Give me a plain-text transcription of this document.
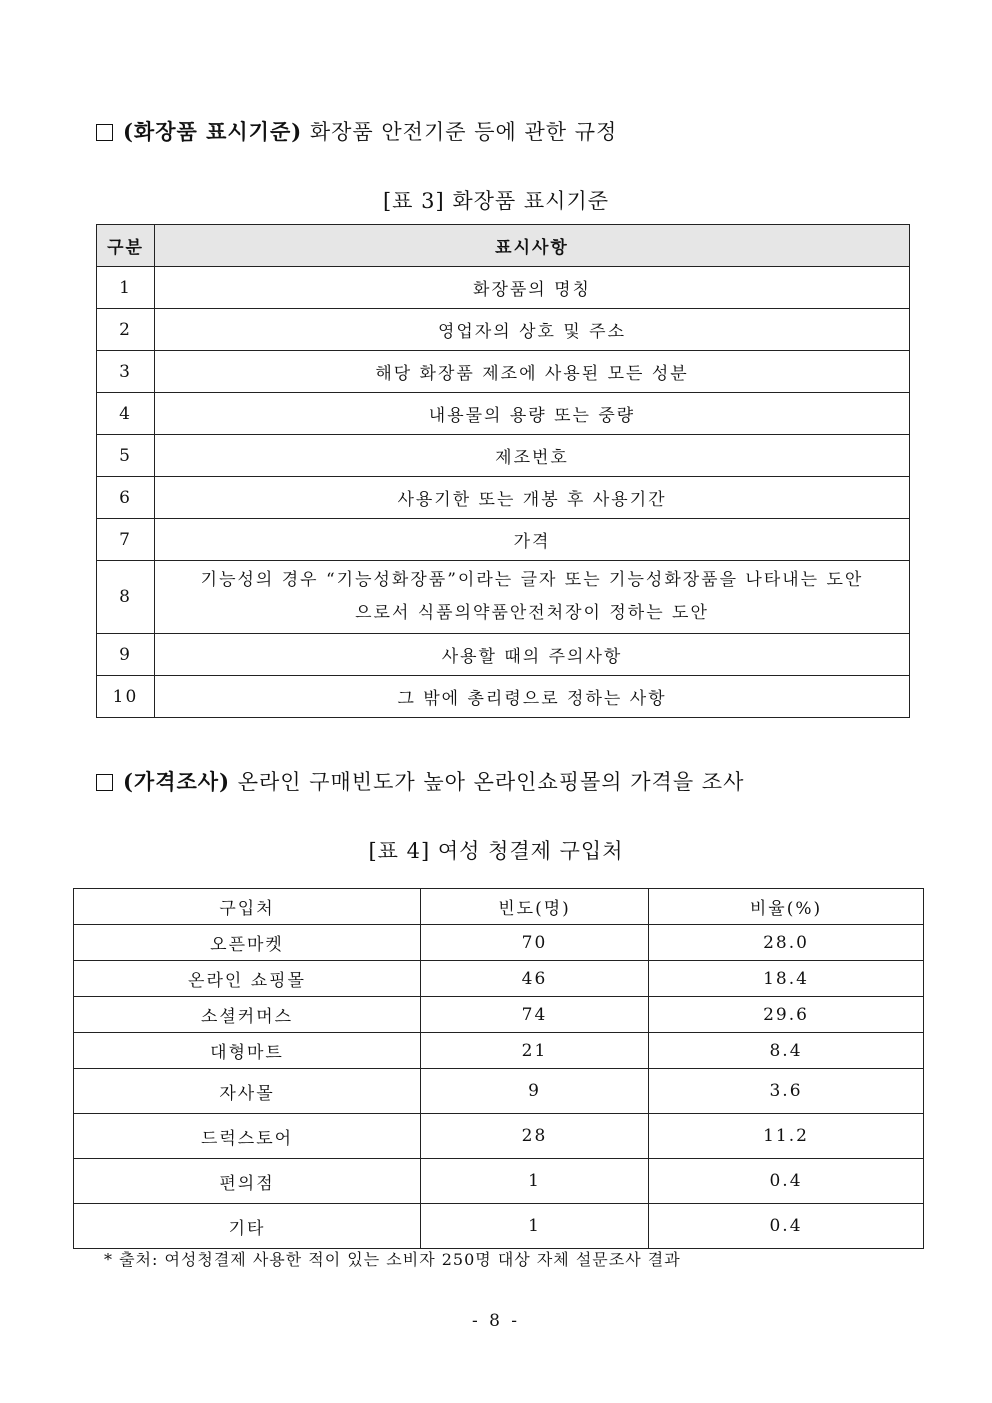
(화장품 표시기준) 화장품 안전기준 등에 관한 규정
[표 3] 화장품 표시기준
구분	표시사항
1	화장품의 명칭
2	영업자의 상호 및 주소
3	해당 화장품 제조에 사용된 모든 성분
4	내용물의 용량 또는 중량
5	제조번호
6	사용기한 또는 개봉 후 사용기간
7	가격
8	기능성의 경우 “기능성화장품”이라는 글자 또는 기능성화장품을 나타내는 도안으로서 식품의약품안전처장이 정하는 도안
9	사용할 때의 주의사항
10	그 밖에 총리령으로 정하는 사항
(가격조사) 온라인 구매빈도가 높아 온라인쇼핑몰의 가격을 조사
[표 4] 여성 청결제 구입처
구입처	빈도(명)	비율(%)
오픈마켓	70	28.0
온라인 쇼핑몰	46	18.4
소셜커머스	74	29.6
대형마트	21	8.4
자사몰	9	3.6
드럭스토어	28	11.2
편의점	1	0.4
기타	1	0.4
* 출처: 여성청결제 사용한 적이 있는 소비자 250명 대상 자체 설문조사 결과
- 8 -
